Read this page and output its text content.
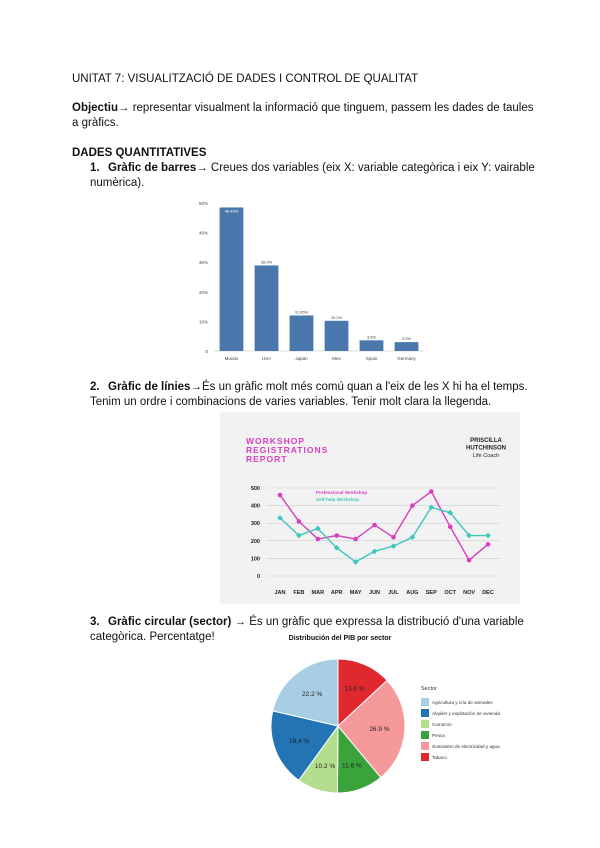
UNITAT 7: VISUALITZACIÓ DE DADES I CONTROL DE QUALITAT
Objectiu→ representar visualment la informació que tinguem, passem les dades de taules a gràfics.
DADES QUANTITATIVES
1. Gràfic de barres→ Creues dos variables (eix X: variable categòrica i eix Y: vairable numèrica).
0
10%
20%
30%
40%
50%
48.45%
Mundo
28.9%
USA
11.65%
Japan
10.2%
Mex
3.6%
Spain
3.0%
Germany
2. Gràfic de línies→És un gràfic molt més comú quan a l'eix de les X hi ha el temps. Tenim un ordre i combinacions de varies variables. Tenir molt clara la llegenda.
WORKSHOP
REGISTRATIONS
REPORT
PRISCILLA
HUTCHINSON
Life Coach
0
100
200
300
400
500
JAN FEB MAR APR MAY JUN JUL AUG SEP OCT NOV DEC
Professional Workshop
Self-help Workshop
3. Gràfic circular (sector) → És un gràfic que expressa la distribució d'una variable categòrica. Percentatge!	Distribución del PIB por sector
13.6 %
26.9 %
11.6 %
10.2 %
19.4 %
22.2 %
Sector
Agricultura y cría de animales
Alquiler y explotación de vivienda
Comercio
Pesca
Suministro de electricidad y agua
Tabaco
